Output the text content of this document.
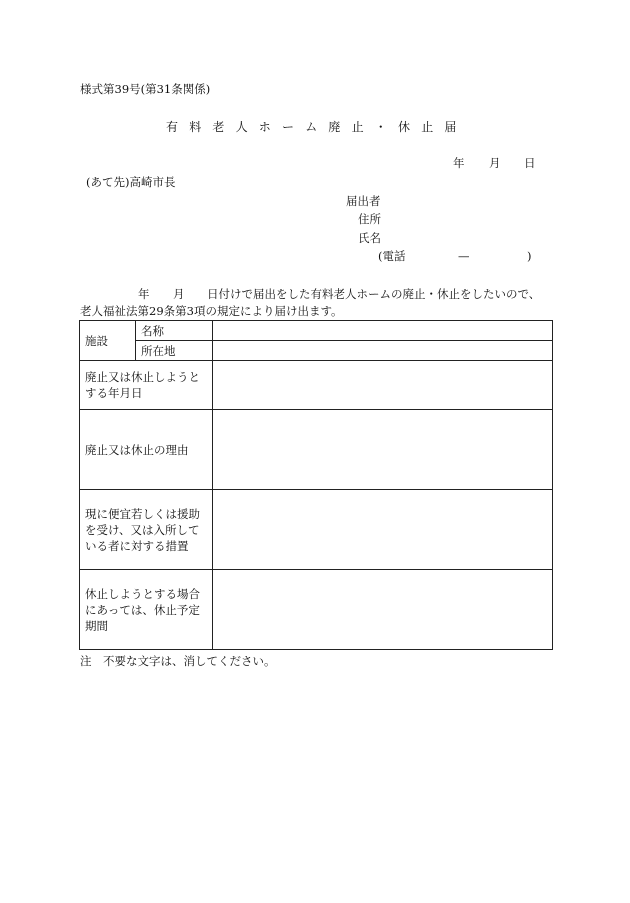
様式第39号(第31条関係)
有料老人ホーム廃止・休止届
年 月 日
(あて先)高崎市長
届出者
住所
氏名
(電話	—	)
年 月 日付けで届出をした有料老人ホームの廃止・休止をしたいので、
老人福祉法第29条第3項の規定により届け出ます。
施設	名称	
	所在地	
廃止又は休止しようとする年月日		
廃止又は休止の理由		
現に便宜若しくは援助を受け、又は入所している者に対する措置		
休止しようとする場合にあっては、休止予定期間		
注　不要な文字は、消してください。
